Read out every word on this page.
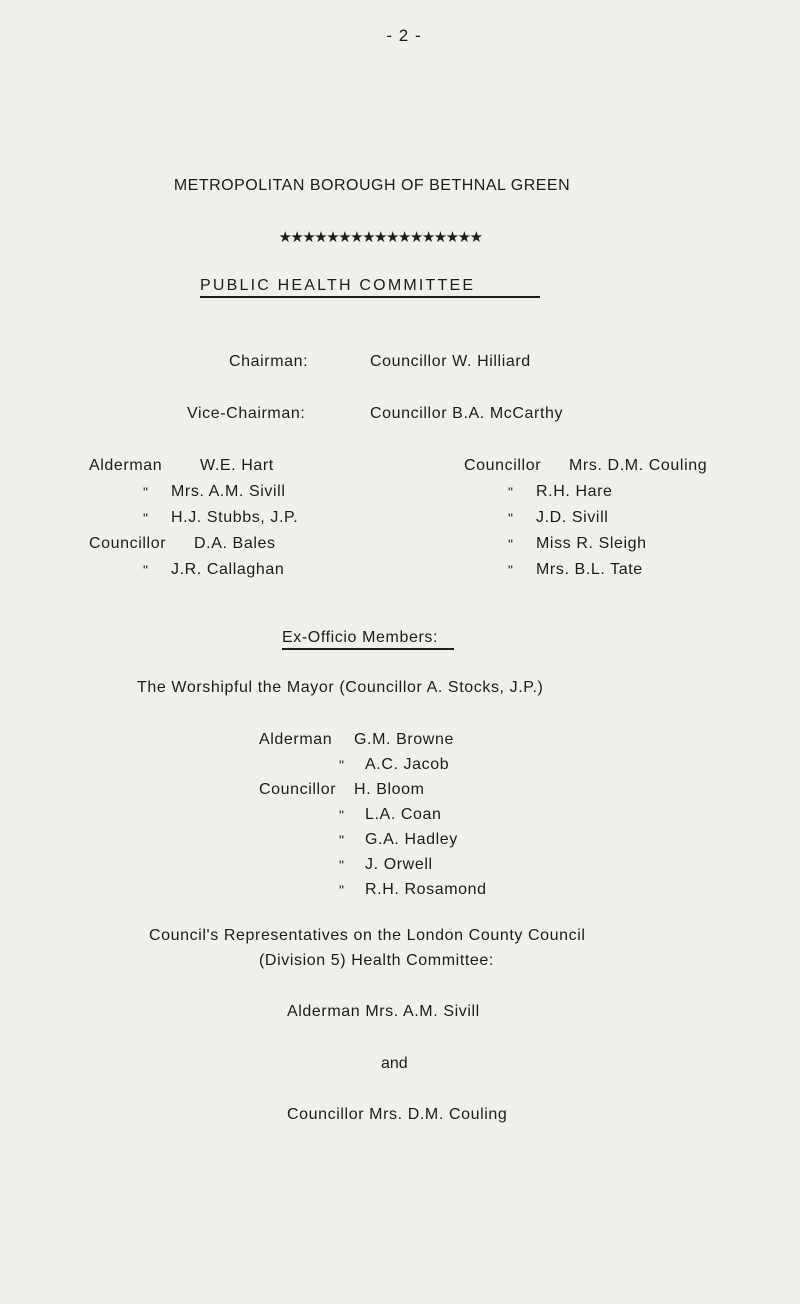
- 2 -
METROPOLITAN BOROUGH OF BETHNAL GREEN
★★★★★★★★★★★★★★★★★
PUBLIC HEALTH COMMITTEE
Chairman:	Councillor W. Hilliard
Vice-Chairman:	Councillor B.A. McCarthy
Alderman W.E. Hart
" Mrs. A.M. Sivill
" H.J. Stubbs, J.P.
Councillor D.A. Bales
" J.R. Callaghan
Councillor Mrs. D.M. Couling
" R.H. Hare
" J.D. Sivill
" Miss R. Sleigh
" Mrs. B.L. Tate
Ex-Officio Members:
The Worshipful the Mayor (Councillor A. Stocks, J.P.)
Alderman G.M. Browne
" A.C. Jacob
Councillor H. Bloom
" L.A. Coan
" G.A. Hadley
" J. Orwell
" R.H. Rosamond
Council's Representatives on the London County Council
(Division 5) Health Committee:
Alderman Mrs. A.M. Sivill
and
Councillor Mrs. D.M. Couling
